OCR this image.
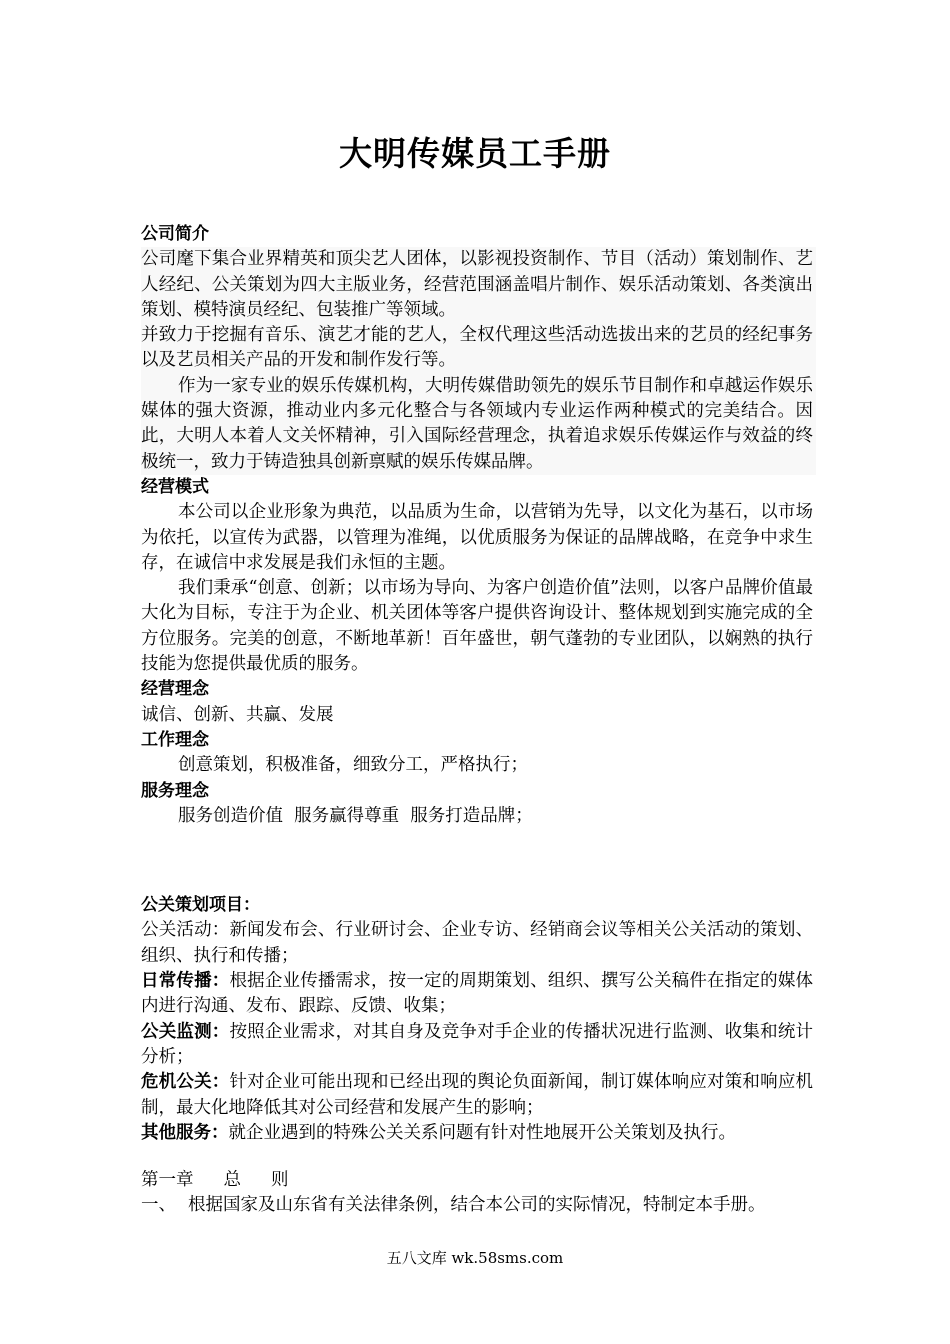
大明传媒员工手册

公司简介

公司麾下集合业界精英和顶尖艺人团体，以影视投资制作、节目（活动）策划制作、艺人经纪、公关策划为四大主版业务，经营范围涵盖唱片制作、娱乐活动策划、各类演出策划、模特演员经纪、包装推广等领域。

并致力于挖掘有音乐、演艺才能的艺人，全权代理这些活动选拔出来的艺员的经纪事务以及艺员相关产品的开发和制作发行等。

作为一家专业的娱乐传媒机构，大明传媒借助领先的娱乐节目制作和卓越运作娱乐媒体的强大资源，推动业内多元化整合与各领域内专业运作两种模式的完美结合。因此，大明人本着人文关怀精神，引入国际经营理念，执着追求娱乐传媒运作与效益的终极统一，致力于铸造独具创新禀赋的娱乐传媒品牌。

经营模式

本公司以企业形象为典范，以品质为生命，以营销为先导，以文化为基石，以市场为依托，以宣传为武器，以管理为准绳，以优质服务为保证的品牌战略，在竞争中求生存，在诚信中求发展是我们永恒的主题。

我们秉承“创意、创新；以市场为导向、为客户创造价值”法则，以客户品牌价值最大化为目标，专注于为企业、机关团体等客户提供咨询设计、整体规划到实施完成的全方位服务。完美的创意，不断地革新！百年盛世，朝气蓬勃的专业团队，以娴熟的执行技能为您提供最优质的服务。

经营理念

诚信、创新、共赢、发展

工作理念

创意策划，积极准备，细致分工，严格执行；

服务理念

服务创造价值  服务赢得尊重  服务打造品牌；

公关策划项目：

公关活动：新闻发布会、行业研讨会、企业专访、经销商会议等相关公关活动的策划、组织、执行和传播；

日常传播：根据企业传播需求，按一定的周期策划、组织、撰写公关稿件在指定的媒体内进行沟通、发布、跟踪、反馈、收集；

公关监测：按照企业需求，对其自身及竞争对手企业的传播状况进行监测、收集和统计分析；

危机公关：针对企业可能出现和已经出现的舆论负面新闻，制订媒体响应对策和响应机制，最大化地降低其对公司经营和发展产生的影响；

其他服务：就企业遇到的特殊公关关系问题有针对性地展开公关策划及执行。

第一章 总 则

一、 根据国家及山东省有关法律条例，结合本公司的实际情况，特制定本手册。

五八文库 wk.58sms.com
